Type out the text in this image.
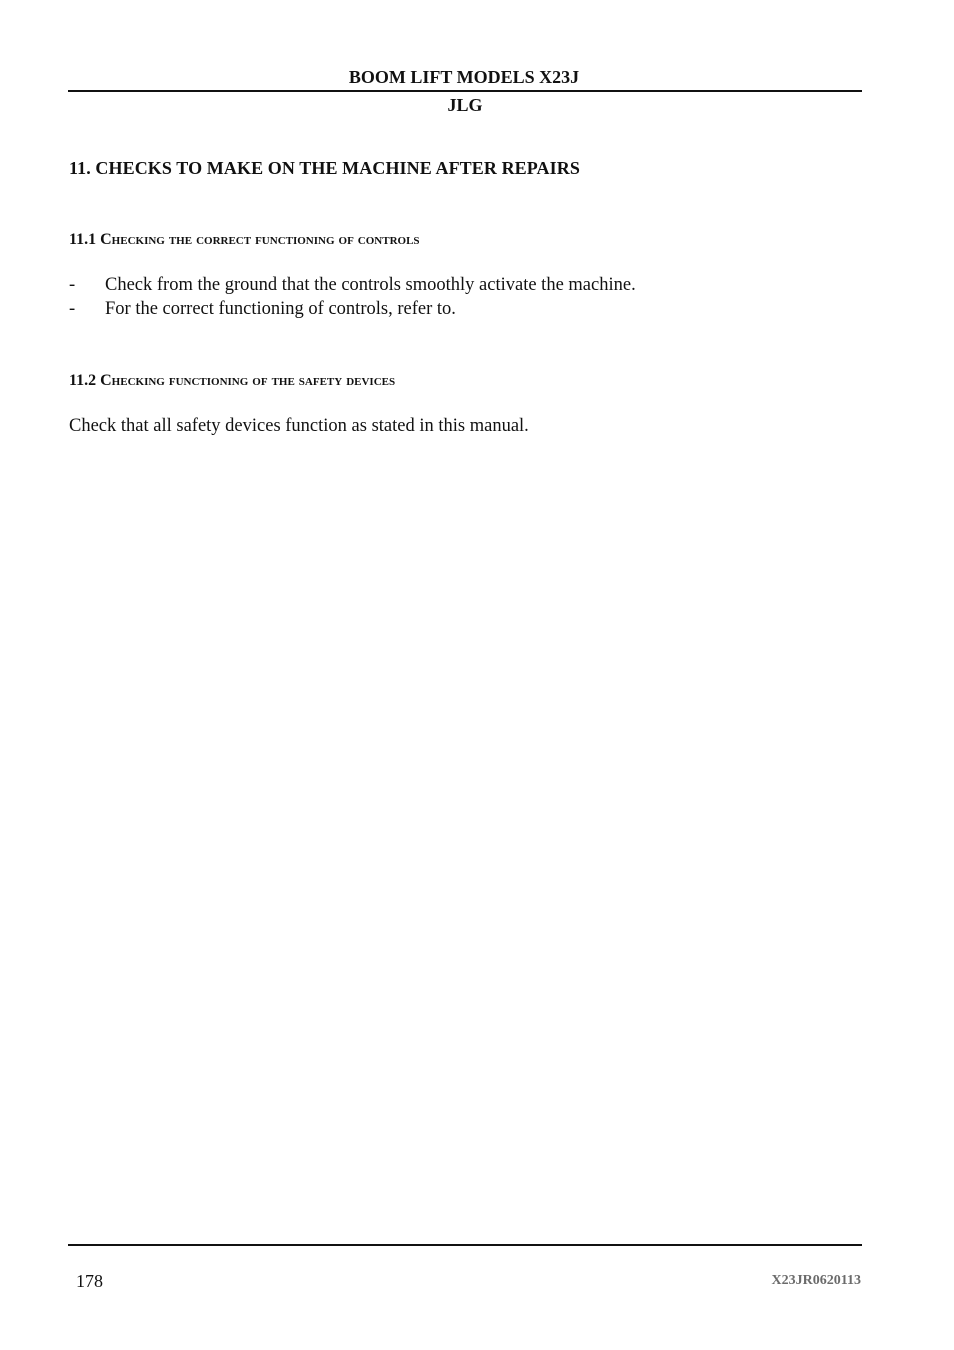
BOOM LIFT MODELS X23J
JLG
11. CHECKS TO MAKE ON THE MACHINE AFTER REPAIRS
11.1 Checking the correct functioning of controls
-	Check from the ground that the controls smoothly activate the machine.
-	For the correct functioning of controls, refer to.
11.2 Checking functioning of the safety devices

Check that all safety devices function as stated in this manual.

178	X23JR0620113
